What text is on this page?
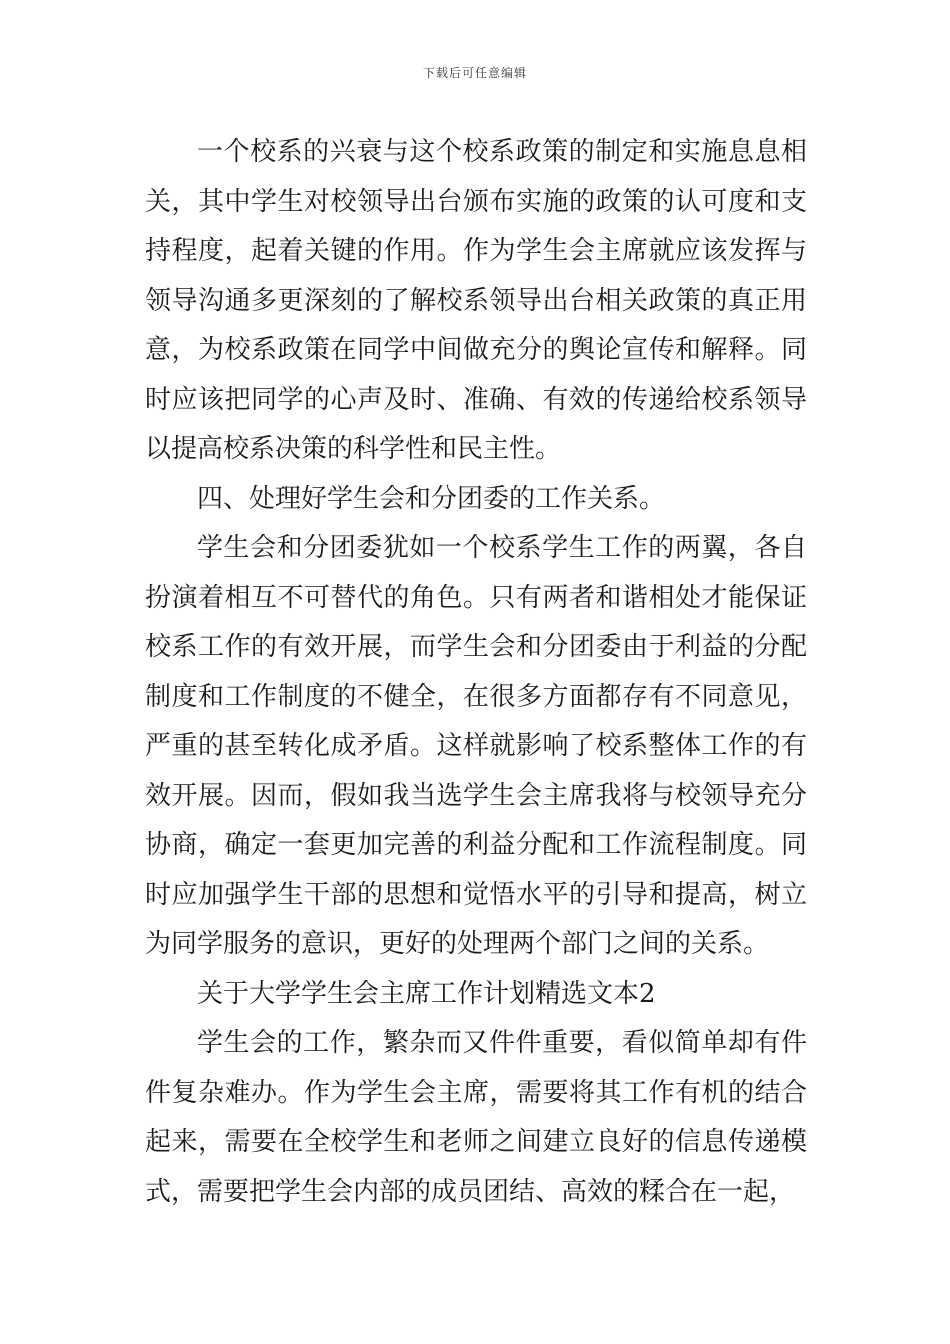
下载后可任意编辑

一个校系的兴衰与这个校系政策的制定和实施息息相关，其中学生对校领导出台颁布实施的政策的认可度和支持程度，起着关键的作用。作为学生会主席就应该发挥与领导沟通多更深刻的了解校系领导出台相关政策的真正用意，为校系政策在同学中间做充分的舆论宣传和解释。同时应该把同学的心声及时、准确、有效的传递给校系领导以提高校系决策的科学性和民主性。

四、处理好学生会和分团委的工作关系。

学生会和分团委犹如一个校系学生工作的两翼，各自扮演着相互不可替代的角色。只有两者和谐相处才能保证校系工作的有效开展，而学生会和分团委由于利益的分配制度和工作制度的不健全，在很多方面都存有不同意见，严重的甚至转化成矛盾。这样就影响了校系整体工作的有效开展。因而，假如我当选学生会主席我将与校领导充分协商，确定一套更加完善的利益分配和工作流程制度。同时应加强学生干部的思想和觉悟水平的引导和提高，树立为同学服务的意识，更好的处理两个部门之间的关系。

关于大学学生会主席工作计划精选文本2

学生会的工作，繁杂而又件件重要，看似简单却有件件复杂难办。作为学生会主席，需要将其工作有机的结合起来，需要在全校学生和老师之间建立良好的信息传递模式，需要把学生会内部的成员团结、高效的糅合在一起，
